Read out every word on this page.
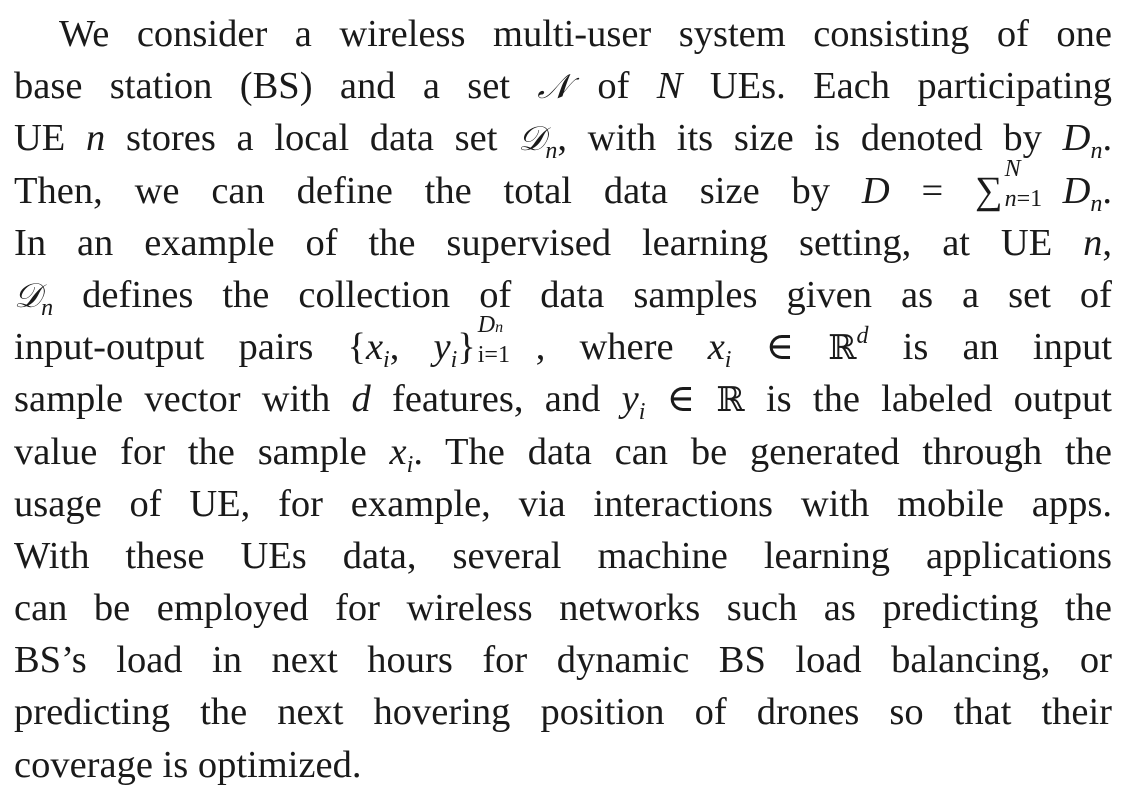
We consider a wireless multi-user system consisting of one
base station (BS) and a set 𝒩 of N UEs. Each participating
UE n stores a local data set 𝒟$_n$, with its size is denoted by $D_n$.
Then, we can define the total data size by D = ∑
N
n=1 $D_n$.
In an example of the supervised learning setting, at UE n,
𝒟$_n$ defines the collection of data samples given as a set of
input-output pairs {$x_i$, $y_i$}
Dn
i=1 , where $x_i$ ∈ ℝ$^d$ is an input
sample vector with d features, and $y_i$ ∈ ℝ is the labeled output
value for the sample $x_i$. The data can be generated through the
usage of UE, for example, via interactions with mobile apps.
With these UEs data, several machine learning applications
can be employed for wireless networks such as predicting the
BS’s load in next hours for dynamic BS load balancing, or
predicting the next hovering position of drones so that their
coverage is optimized.
